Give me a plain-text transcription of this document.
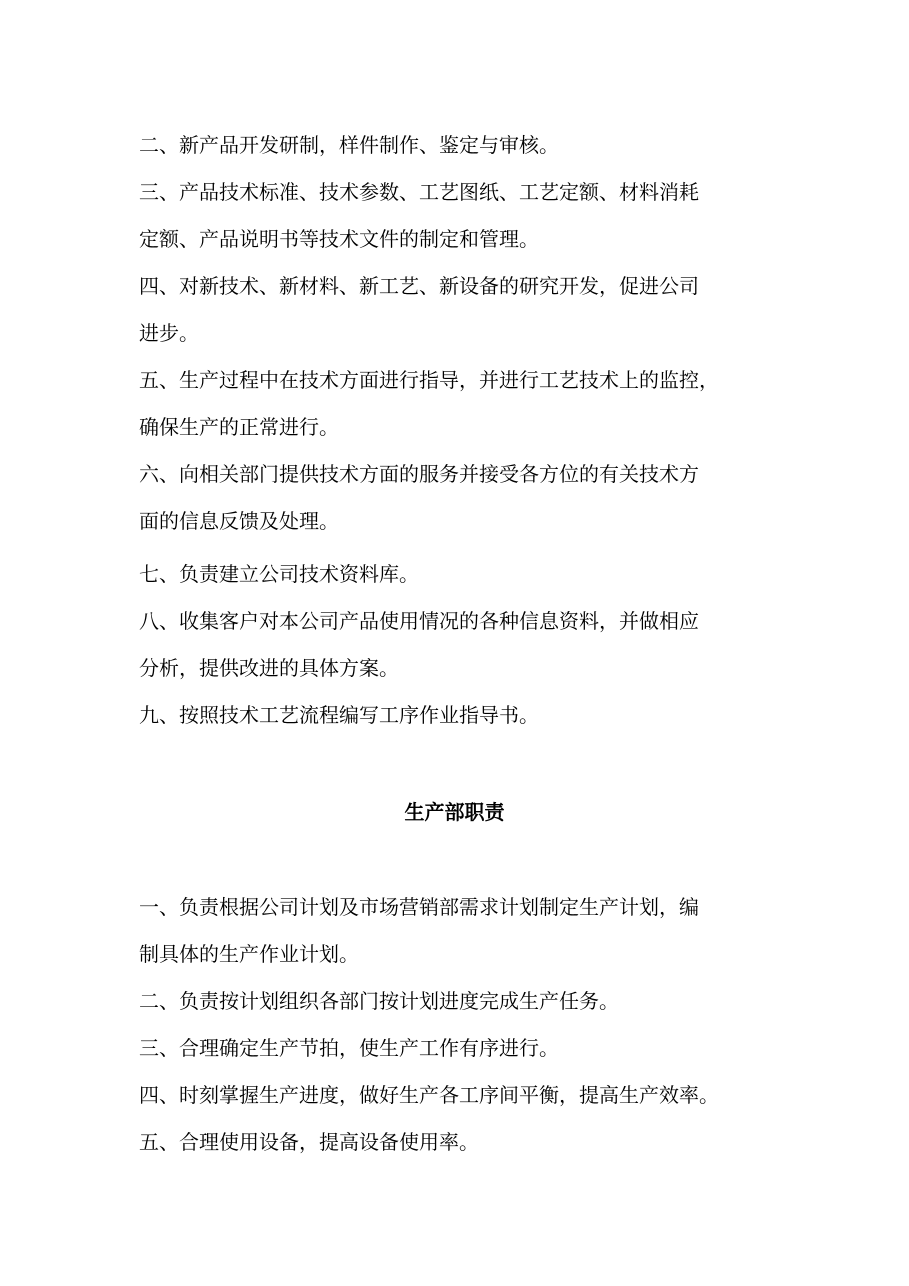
二、新产品开发研制，样件制作、鉴定与审核。

三、产品技术标准、技术参数、工艺图纸、工艺定额、材料消耗
定额、产品说明书等技术文件的制定和管理。

四、对新技术、新材料、新工艺、新设备的研究开发，促进公司
进步。

五、生产过程中在技术方面进行指导，并进行工艺技术上的监控，
确保生产的正常进行。

六、向相关部门提供技术方面的服务并接受各方位的有关技术方
面的信息反馈及处理。

七、负责建立公司技术资料库。

八、收集客户对本公司产品使用情况的各种信息资料，并做相应
分析，提供改进的具体方案。

九、按照技术工艺流程编写工序作业指导书。

生产部职责

一、负责根据公司计划及市场营销部需求计划制定生产计划，编
制具体的生产作业计划。

二、负责按计划组织各部门按计划进度完成生产任务。

三、合理确定生产节拍，使生产工作有序进行。

四、时刻掌握生产进度，做好生产各工序间平衡，提高生产效率。

五、合理使用设备，提高设备使用率。
